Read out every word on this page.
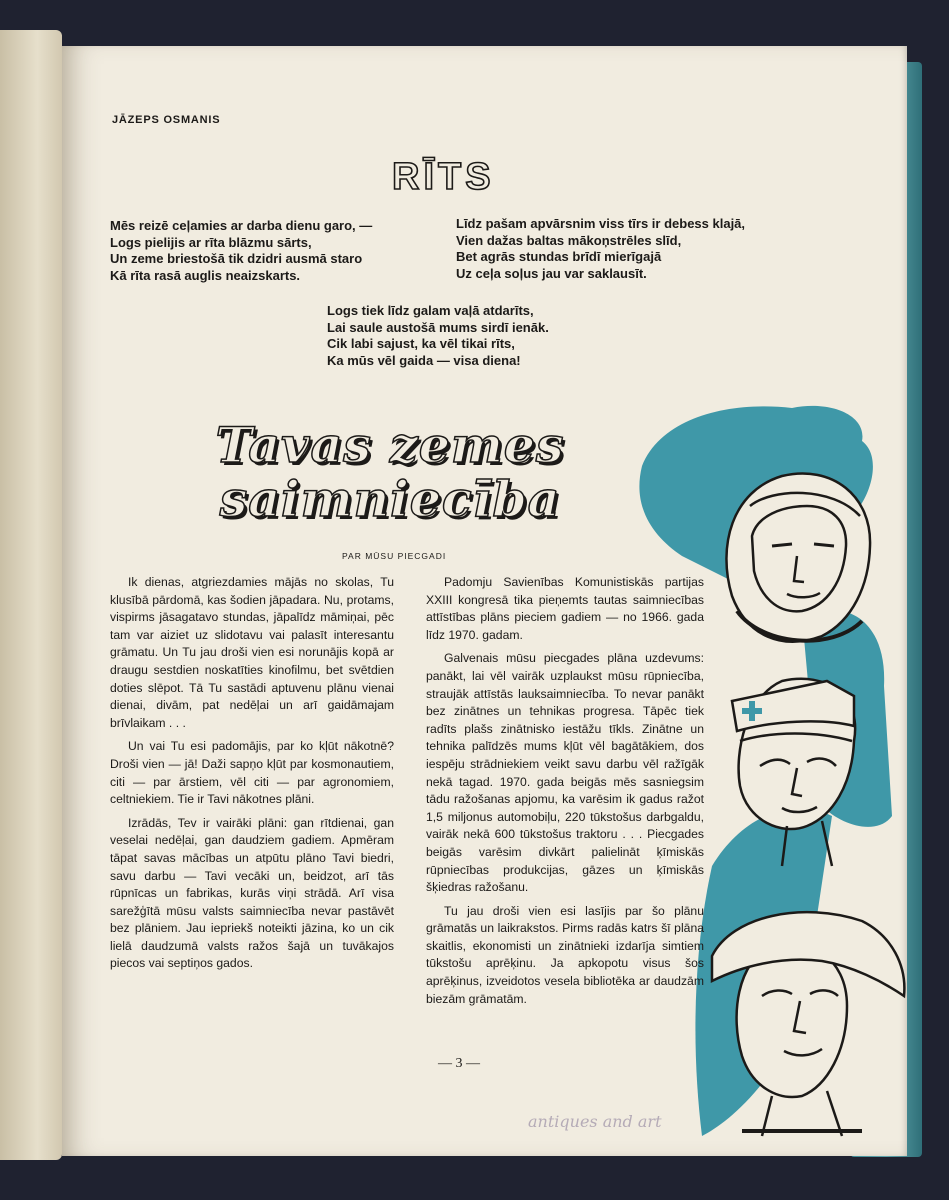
JĀZEPS OSMANIS
RĪTS
Mēs reizē ceļamies ar darba dienu garo, —
Logs pielijis ar rīta blāzmu sārts,
Un zeme briestošā tik dzidri ausmā staro
Kā rīta rasā auglis neaizskarts.
Līdz pašam apvārsnim viss tīrs ir debess klajā,
Vien dažas baltas mākoņstrēles slīd,
Bet agrās stundas brīdī mierīgajā
Uz ceļa soļus jau var saklausīt.
Logs tiek līdz galam vaļā atdarīts,
Lai saule austošā mums sirdī ienāk.
Cik labi sajust, ka vēl tikai rīts,
Ka mūs vēl gaida — visa diena!
Tavas zemes
saimniecība
PAR MŪSU PIECGADI

Ik dienas, atgriezdamies mājās no skolas, Tu klusībā pārdomā, kas šodien jāpadara. Nu, protams, vispirms jāsagatavo stundas, jāpalīdz māmiņai, pēc tam var aiziet uz slidotavu vai palasīt interesantu grāmatu. Un Tu jau droši vien esi norunājis kopā ar draugu sestdien noskatīties kinofilmu, bet svētdien doties slēpot. Tā Tu sastādi aptuvenu plānu vienai dienai, divām, pat nedēļai un arī gaidāmajam brīvlaikam . . .

Un vai Tu esi padomājis, par ko kļūt nākotnē? Droši vien — jā! Daži sapņo kļūt par kosmonautiem, citi — par ārstiem, vēl citi — par agronomiem, celtniekiem. Tie ir Tavi nākotnes plāni.

Izrādās, Tev ir vairāki plāni: gan rītdienai, gan veselai nedēļai, gan daudziem gadiem. Apmēram tāpat savas mācības un atpūtu plāno Tavi biedri, savu darbu — Tavi vecāki un, beidzot, arī tās rūpnīcas un fabrikas, kurās viņi strādā. Arī visa sarežģītā mūsu valsts saimniecība nevar pastāvēt bez plāniem. Jau iepriekš noteikti jāzina, ko un cik lielā daudzumā valsts ražos šajā un tuvākajos piecos vai septiņos gados.

Padomju Savienības Komunistiskās partijas XXIII kongresā tika pieņemts tautas saimniecības attīstības plāns pieciem gadiem — no 1966. gada līdz 1970. gadam.

Galvenais mūsu piecgades plāna uzdevums: panākt, lai vēl vairāk uzplaukst mūsu rūpniecība, straujāk attīstās lauksaimniecība. To nevar panākt bez zinātnes un tehnikas progresa. Tāpēc tiek radīts plašs zinātnisko iestāžu tīkls. Zinātne un tehnika palīdzēs mums kļūt vēl bagātākiem, dos iespēju strādniekiem veikt savu darbu vēl ražīgāk nekā tagad. 1970. gada beigās mēs sasniegsim tādu ražošanas apjomu, ka varēsim ik gadus ražot 1,5 miljonus automobiļu, 220 tūkstošus darbgaldu, vairāk nekā 600 tūkstošus traktoru . . . Piecgades beigās varēsim divkārt palielināt ķīmiskās rūpniecības produkcijas, gāzes un ķīmiskās šķiedras ražošanu.

Tu jau droši vien esi lasījis par šo plānu grāmatās un laikrakstos. Pirms radās katrs šī plāna skaitlis, ekonomisti un zinātnieki izdarīja simtiem tūkstošu aprēķinu. Ja apkopotu visus šos aprēķinus, izveidotos vesela bibliotēka ar daudzām biezām grāmatām.

— 3 —
antiques and art
